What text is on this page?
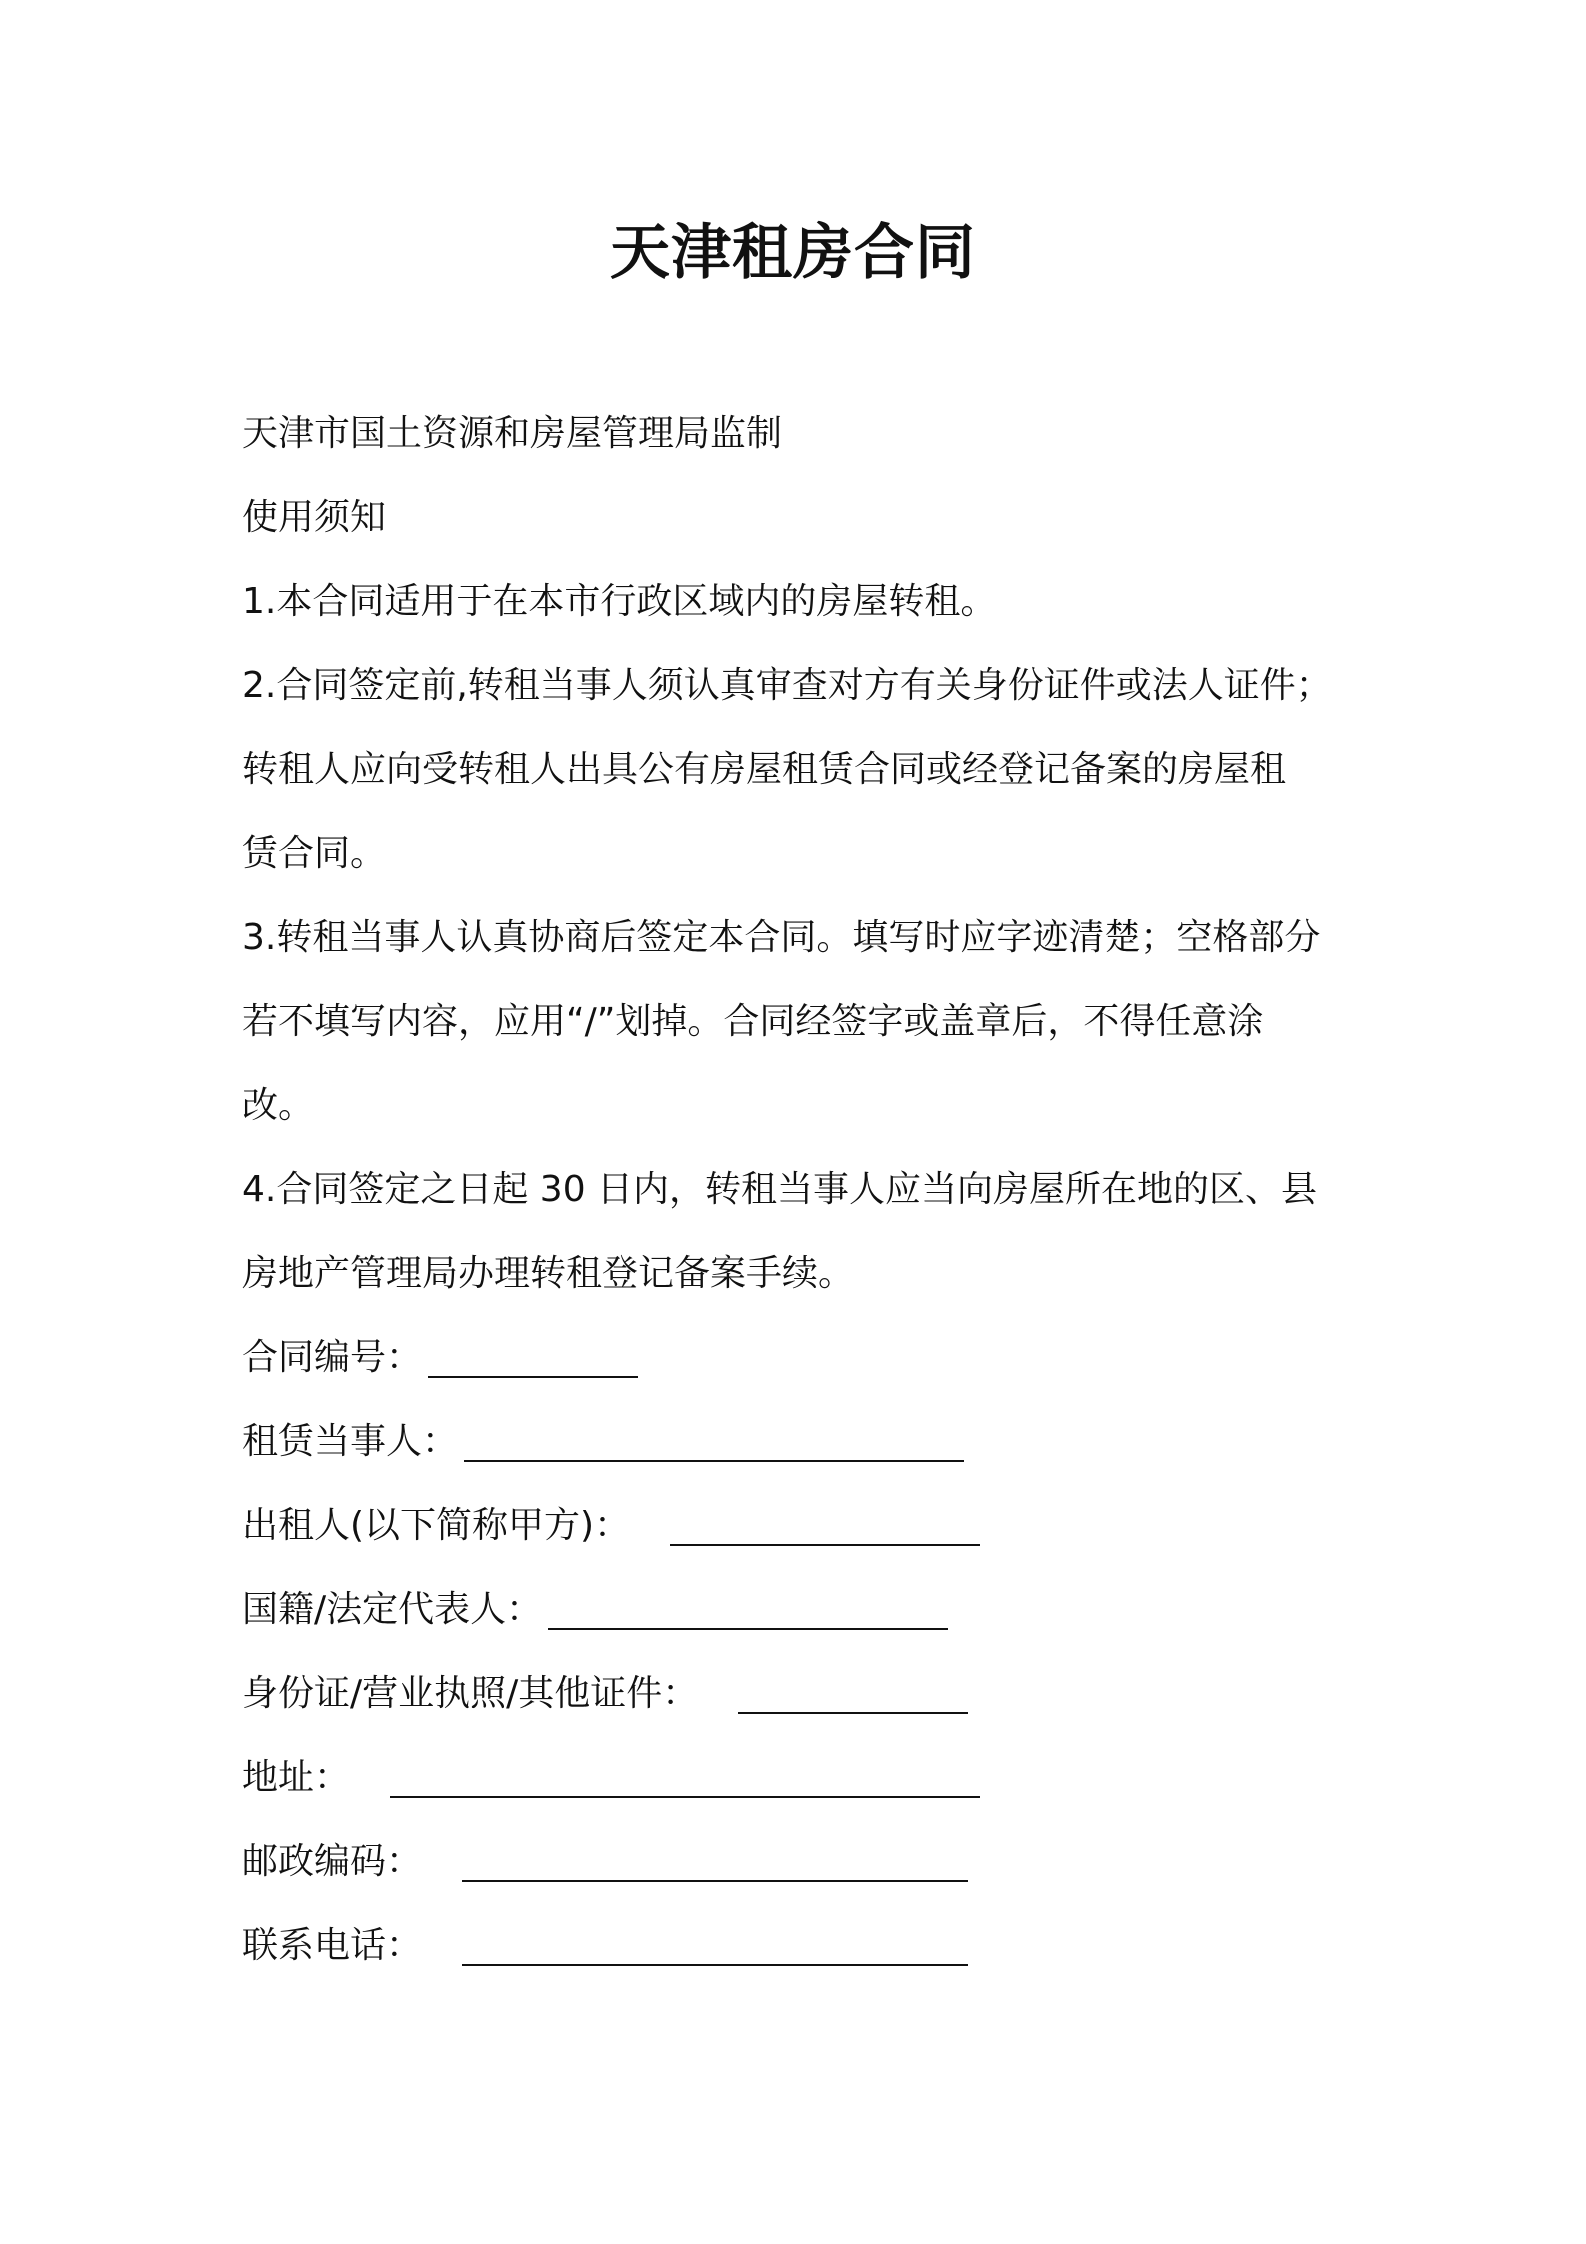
天津租房合同
天津市国土资源和房屋管理局监制
使用须知
1.本合同适用于在本市行政区域内的房屋转租。
2.合同签定前,转租当事人须认真审查对方有关身份证件或法人证件；
转租人应向受转租人出具公有房屋租赁合同或经登记备案的房屋租
赁合同。
3.转租当事人认真协商后签定本合同。填写时应字迹清楚；空格部分
若不填写内容，应用“/”划掉。合同经签字或盖章后，不得任意涂
改。
4.合同签定之日起 30 日内，转租当事人应当向房屋所在地的区、县
房地产管理局办理转租登记备案手续。
合同编号：
租赁当事人：
出租人(以下简称甲方)：
国籍/法定代表人：
身份证/营业执照/其他证件：
地址：
邮政编码：
联系电话：
